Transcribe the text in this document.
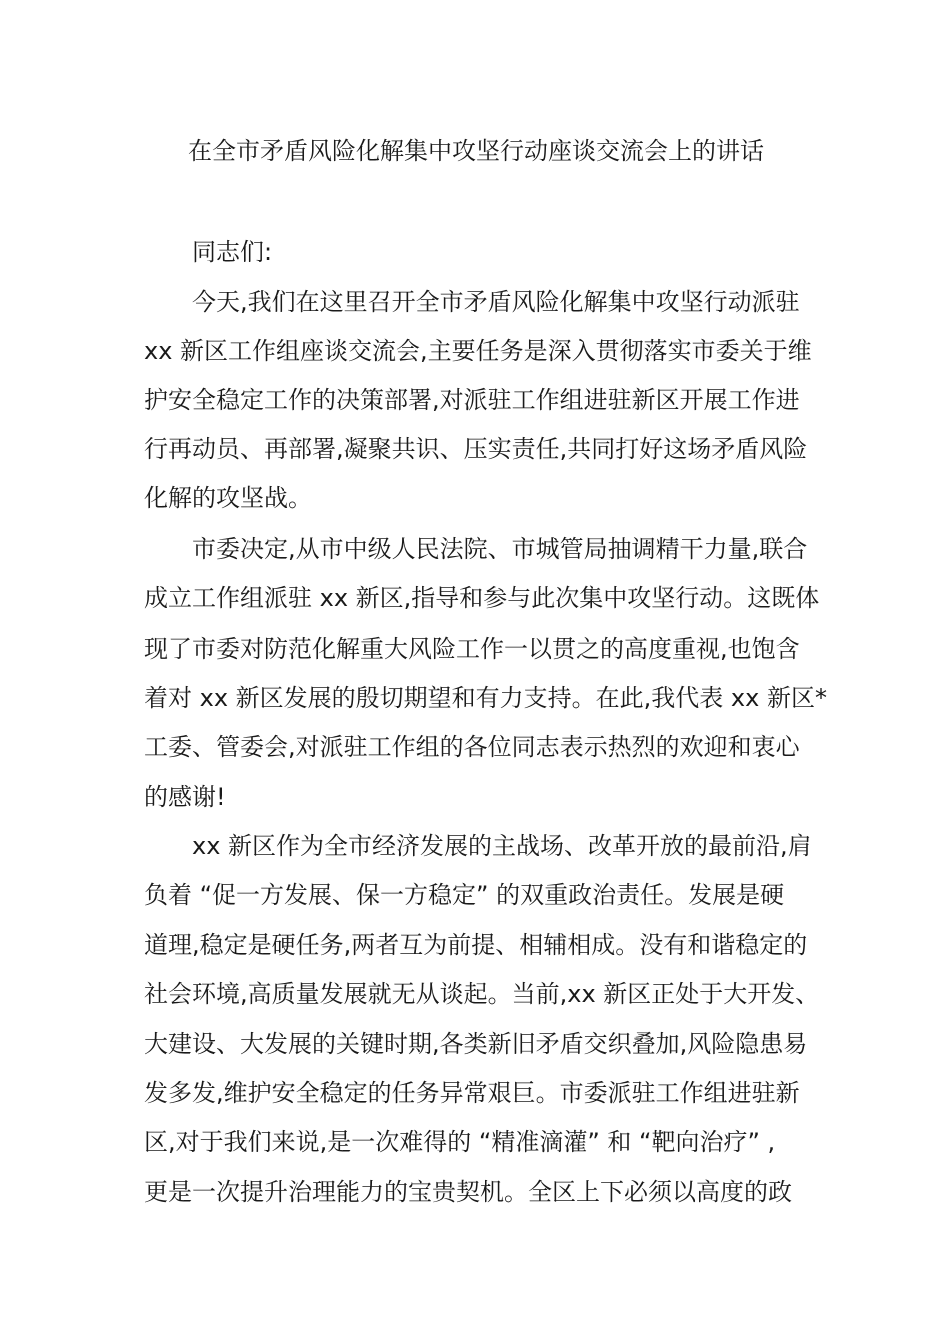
在全市矛盾风险化解集中攻坚行动座谈交流会上的讲话
同志们:
今天,我们在这里召开全市矛盾风险化解集中攻坚行动派驻
xx 新区工作组座谈交流会,主要任务是深入贯彻落实市委关于维
护安全稳定工作的决策部署,对派驻工作组进驻新区开展工作进
行再动员、再部署,凝聚共识、压实责任,共同打好这场矛盾风险
化解的攻坚战。
市委决定,从市中级人民法院、市城管局抽调精干力量,联合
成立工作组派驻 xx 新区,指导和参与此次集中攻坚行动。这既体
现了市委对防范化解重大风险工作一以贯之的高度重视,也饱含
着对 xx 新区发展的殷切期望和有力支持。在此,我代表 xx 新区*
工委、管委会,对派驻工作组的各位同志表示热烈的欢迎和衷心
的感谢!
xx 新区作为全市经济发展的主战场、改革开放的最前沿,肩
负着 “促一方发展、保一方稳定” 的双重政治责任。发展是硬
道理,稳定是硬任务,两者互为前提、相辅相成。没有和谐稳定的
社会环境,高质量发展就无从谈起。当前,xx 新区正处于大开发、
大建设、大发展的关键时期,各类新旧矛盾交织叠加,风险隐患易
发多发,维护安全稳定的任务异常艰巨。市委派驻工作组进驻新
区,对于我们来说,是一次难得的 “精准滴灌” 和 “靶向治疗” ,
更是一次提升治理能力的宝贵契机。全区上下必须以高度的政
